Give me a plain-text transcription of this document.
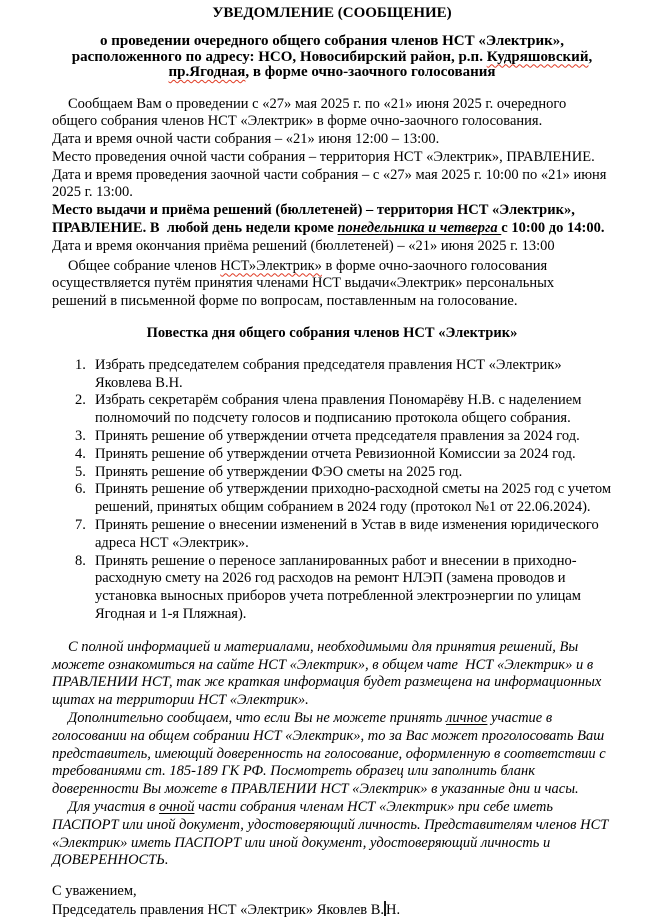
УВЕДОМЛЕНИЕ (СООБЩЕНИЕ)
о проведении очередного общего собрания членов НСТ «Электрик», расположенного по адресу: НСО, Новосибирский район, р.п. Кудряшовский, пр.Ягодная, в форме очно-заочного голосования

Сообщаем Вам о проведении с «27» мая 2025 г. по «21» июня 2025 г. очередного общего собрания членов НСТ «Электрик» в форме очно-заочного голосования.

Дата и время очной части собрания – «21» июня 12:00 – 13:00.

Место проведения очной части собрания – территория НСТ «Электрик», ПРАВЛЕНИЕ.

Дата и время проведения заочной части собрания – с «27» мая 2025 г. 10:00 по «21» июня 2025 г. 13:00.

Место выдачи и приёма решений (бюллетеней) – территория НСТ «Электрик», ПРАВЛЕНИЕ. В  любой день недели кроме понедельника и четверга с 10:00 до 14:00.

Дата и время окончания приёма решений (бюллетеней) – «21» июня 2025 г. 13:00

Общее собрание членов НСТ»Электрик» в форме очно-заочного голосования осуществляется путём принятия членами НСТ выдачи«Электрик» персональных решений в письменной форме по вопросам, поставленным на голосование.

Повестка дня общего собрания членов НСТ «Электрик»
1. Избрать председателем собрания председателя правления НСТ «Электрик» Яковлева В.Н.
2. Избрать секретарём собрания члена правления Пономарёву Н.В. с наделением полномочий по подсчету голосов и подписанию протокола общего собрания.
3. Принять решение об утверждении отчета председателя правления за 2024 год.
4. Принять решение об утверждении отчета Ревизионной Комиссии за 2024 год.
5. Принять решение об утверждении ФЭО сметы на 2025 год.
6. Принять решение об утверждении приходно-расходной сметы на 2025 год с учетом решений, принятых общим собранием в 2024 году (протокол №1 от 22.06.2024).
7. Принять решение о внесении изменений в Устав в виде изменения юридического адреса НСТ «Электрик».
8. Принять решение о переносе запланированных работ и внесении в приходно-расходную смету на 2026 год расходов на ремонт НЛЭП (замена проводов и установка выносных приборов учета потребленной электроэнергии по улицам Ягодная и 1-я Пляжная).

С полной информацией и материалами, необходимыми для принятия решений, Вы можете ознакомиться на сайте НСТ «Электрик», в общем чате  НСТ «Электрик» и в ПРАВЛЕНИИ НСТ, так же краткая информация будет размещена на информационных щитах на территории НСТ «Электрик».

Дополнительно сообщаем, что если Вы не можете принять личное участие в голосовании на общем собрании НСТ «Электрик», то за Вас может проголосовать Ваш представитель, имеющий доверенность на голосование, оформленную в соответствии с требованиями ст. 185-189 ГК РФ. Посмотреть образец или заполнить бланк доверенности Вы можете в ПРАВЛЕНИИ НСТ «Электрик» в указанные дни и часы.

Для участия в очной части собрания членам НСТ «Электрик» при себе иметь ПАСПОРТ или иной документ, удостоверяющий личность. Представителям членов НСТ «Электрик» иметь ПАСПОРТ или иной документ, удостоверяющий личность и ДОВЕРЕННОСТЬ.

С уважением,

Председатель правления НСТ «Электрик» Яковлев В. Н.
